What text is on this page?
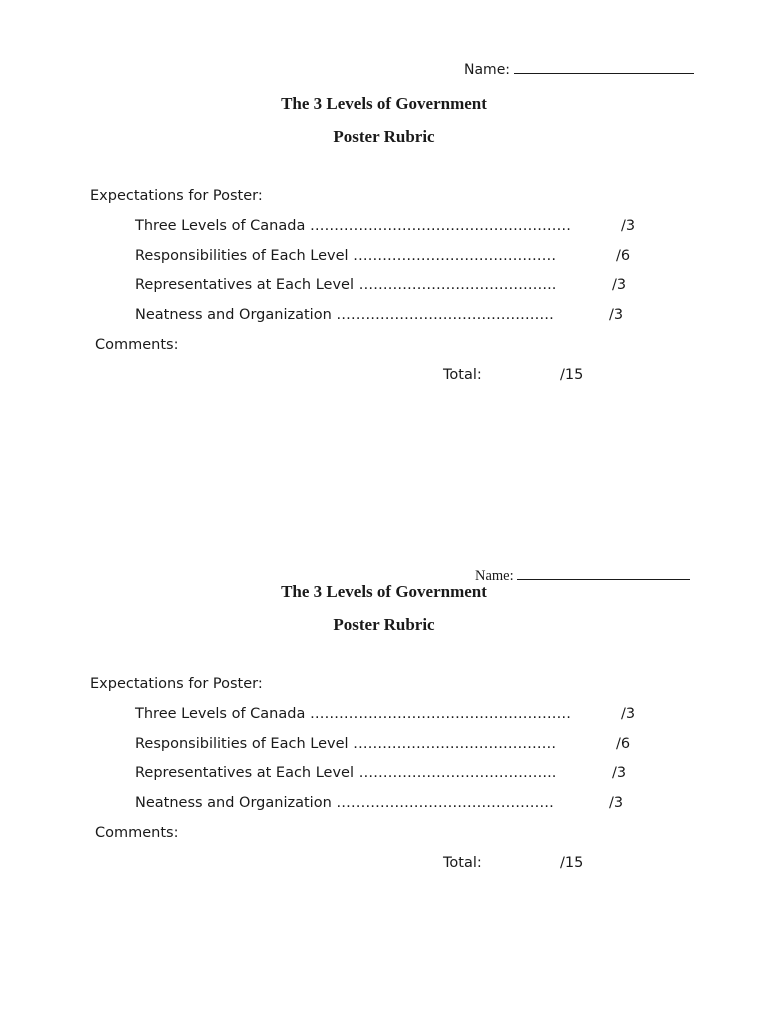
Name:

The 3 Levels of Government
Poster Rubric
Expectations for Poster:
Three Levels of Canada ………………………………………………	/3
Responsibilities of Each Level ……………………………………	/6
Representatives at Each Level …………………………………..	/3
Neatness and Organization ………………………………………	/3
Comments:
Total:	/15

Name:

The 3 Levels of Government
Poster Rubric
Expectations for Poster:
Three Levels of Canada ………………………………………………	/3
Responsibilities of Each Level ……………………………………	/6
Representatives at Each Level …………………………………..	/3
Neatness and Organization ………………………………………	/3
Comments:
Total:	/15
